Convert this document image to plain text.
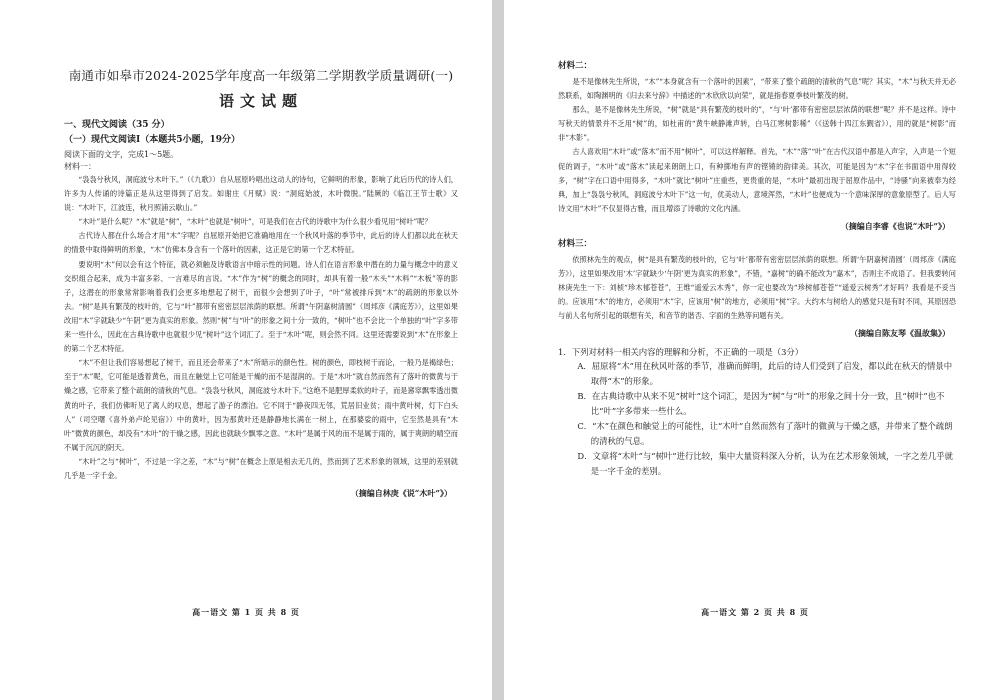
南通市如皋市2024-2025学年度高一年级第二学期教学质量调研(一)
语文试题
一、现代文阅读（35 分）
（一）现代文阅读Ⅰ（本题共5小题，19分）
阅读下面的文字，完成1～5题。
材料一：

“袅袅兮秋风，洞庭波兮木叶下。”（《九歌》）自从屈原吟唱出这动人的诗句，它鲜明的形象，影响了此后历代的诗人们，许多为人传诵的诗篇正是从这里得到了启发。如谢庄《月赋》说：“洞庭始波，木叶微脱。”陆厥的《临江王节士歌》又说：“木叶下，江波连，秋月照浦云歇山。”

“木叶”是什么呢？“木”就是“树”，“木叶”也就是“树叶”，可是我们在古代的诗歌中为什么很少看见用“树叶”呢？

古代诗人都在什么场合才用“木”字呢？自屈原开始把它准确地用在一个秋风叶落的季节中，此后的诗人们都以此在秋天的情景中取得鲜明的形象，“木”仿佛本身含有一个落叶的因素，这正是它的第一个艺术特征。

要说明“木”何以会有这个特征，就必须触及诗歌语言中暗示性的问题。诗人们在语言形象中潜在的力量与概念中的意义交织组合起来，成为丰富多彩、一言难尽的言说。“木”作为“树”的概念的同时，却具有着一般“木头”“木料”“木板”等的影子，这潜在的形象常常影响着我们会更多地想起了树干，而很少会想到了叶子，“叶”常被排斥到“木”的疏朗的形象以外去。“树”是具有繁茂的枝叶的，它与“叶”都带有密密层层浓荫的联想。所谓“午阴嘉树清圆”（周邦彦《满庭芳》），这里如果改用“木”字就缺少“午阴”更为真实的形象。然则“树”与“叶”的形象之间十分一致的，“树叶”也不会比一个单独的“叶”字多带来一些什么，因此在古典诗歌中也就很少见“树叶”这个词汇了。至于“木叶”呢，则会然不同。这里还需要说到“木”在形象上的第二个艺术特征。

“木”不但让我们容易想起了树干，而且还会带来了“木”所暗示的颜色性。树的颜色，即枝树干而论，一般乃是褐绿色；至于“木”呢，它可能是透着黄色，而且在触觉上它可能是干燥的而不是湿润的。于是“木叶”就自然而然有了落叶的微黄与干燥之感，它带来了整个疏朗的清秋的气息。“袅袅兮秋风，洞庭波兮木叶下。”这绝不是肥厚柔软的叶子，而是窸窣飘零透出微黄的叶子，我们仿佛听见了离人的叹息，想起了游子的漂泊。它不同于“静夜四无邻，荒居旧业贫；雨中黄叶树，灯下白头人”（司空曙《喜外弟卢纶见宿》）中的黄叶，因为那黄叶还是静静地长满在一树上，在那婆娑的雨中，它至然是具有“木叶”微黄的颜色，却没有“木叶”的干燥之感，因此也就缺少飘零之意。“木叶”是属于风的而不是属于雨的，属于爽朗的晴空而不属于沉沉的阴天。

“木叶”之与“树叶”，不过是一字之差，“木”与“树”在概念上原是相去无几的，然而到了艺术形象的领域，这里的差别就几乎是一字千金。

（摘编自林庚《说“木叶”》）
高一语文 第 1 页 共 8 页
材料二：

是不是像林先生所说，“木”“本身就含有一个落叶的因素”，“带来了整个疏朗的清秋的气息”呢？其实，“木”与秋天并无必然联系，如陶渊明的《归去来兮辞》中描述的“木欣欣以向荣”，就是指春夏季枝叶繁茂的树。

那么，是不是像林先生所说，“树”就是“具有繁茂的枝叶的”，“与‘叶’都带有密密层层浓荫的联想”呢？并不是这样。诗中写秋天的情景并不乏用“树”的，如杜甫的“黄牛峡静滩声转，白马江寒树影稀”（《送韩十四江东觐省》），用的就是“树影”而非“木影”。

古人喜欢用“木叶”或“落木”而不用“树叶”，可以这样解释。首先，“木”“落”“叶”在古代汉语中都是入声字，入声是一个短促的调子，“木叶”或“落木”读起来朗朗上口，有种掷地有声的铿锵的韵律美。其次，可能是因为“木”字在书面语中用得较多，“树”字在口语中用得多，“木叶”就比“树叶”庄重些，更贵重的是，“木叶”最初出现于屈原作品中，“诗骚”向来被奉为经典，加上“袅袅兮秋风，洞庭波兮木叶下”这一句，优美动人，意境浑然，“木叶”也便成为一个意味深厚的意象原型了。后人写诗文用“木叶”不仅显得古雅，而且增添了诗歌的文化内涵。

（摘编自李睿《也说“木叶”》）
材料三：

依照林先生的观点，树“是具有繁茂的枝叶的，它与‘叶’都带有密密层层浓荫的联想。所谓‘午阴嘉树清圆’（周邦彦《满庭芳》），这里如果改用‘木’字就缺少‘午阴’更为真实的形象”，不错，“嘉树”的确不能改为“嘉木”，否则主不成语了。但我要转问林庚先生一下：刘桢“珍木郁苍苍”，王维“遥爱云木秀”，你一定也要改为“珍树郁苍苍”“遥爱云树秀”才好吗？我看是不妥当的。应该用“木”的地方，必须用“木”字，应该用“树”的地方，必须用“树”字。大约木与树给人的感觉只是有时不同，其原因恐与前人名句所引起的联想有关，和音节的谐否、字面的生熟等问题有关。

（摘编自陈友琴《温故集》）
1．下列对材料一相关内容的理解和分析，不正确的一项是（3分）
A．屈原将“木”用在秋风叶落的季节，准确而鲜明，此后的诗人们受到了启发，都以此在秋天的情景中取得“木”的形象。
B．在古典诗歌中从来不见“树叶”这个词汇，是因为“树”与“叶”的形象之间十分一致，且“树叶”也不比“叶”字多带来一些什么。
C．“木”在颜色和触觉上的可能性，让“木叶”自然而然有了落叶的微黄与干燥之感，并带来了整个疏朗的清秋的气息。
D．文章将“木叶”与“树叶”进行比较，集中大量资料深入分析，认为在艺术形象领域，一字之差几乎就是一字千金的差别。
高一语文 第 2 页 共 8 页
